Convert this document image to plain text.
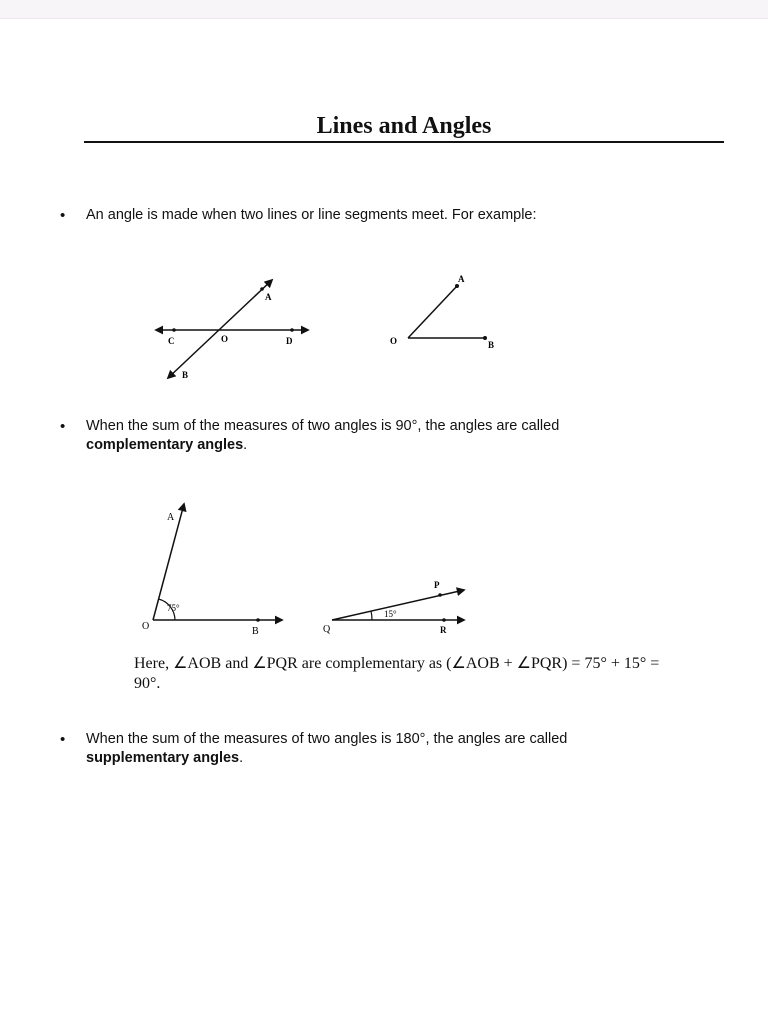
Lines and Angles
• An angle is made when two lines or line segments meet. For example:
A
C	O	D
B
A
O	B
• When the sum of the measures of two angles is 90°, the angles are called complementary angles.
A
75°
O	B
P
15°
Q	R
Here, ∠AOB and ∠PQR are complementary as (∠AOB + ∠PQR) = 75° + 15° =
90°.
• When the sum of the measures of two angles is 180°, the angles are called supplementary angles.
